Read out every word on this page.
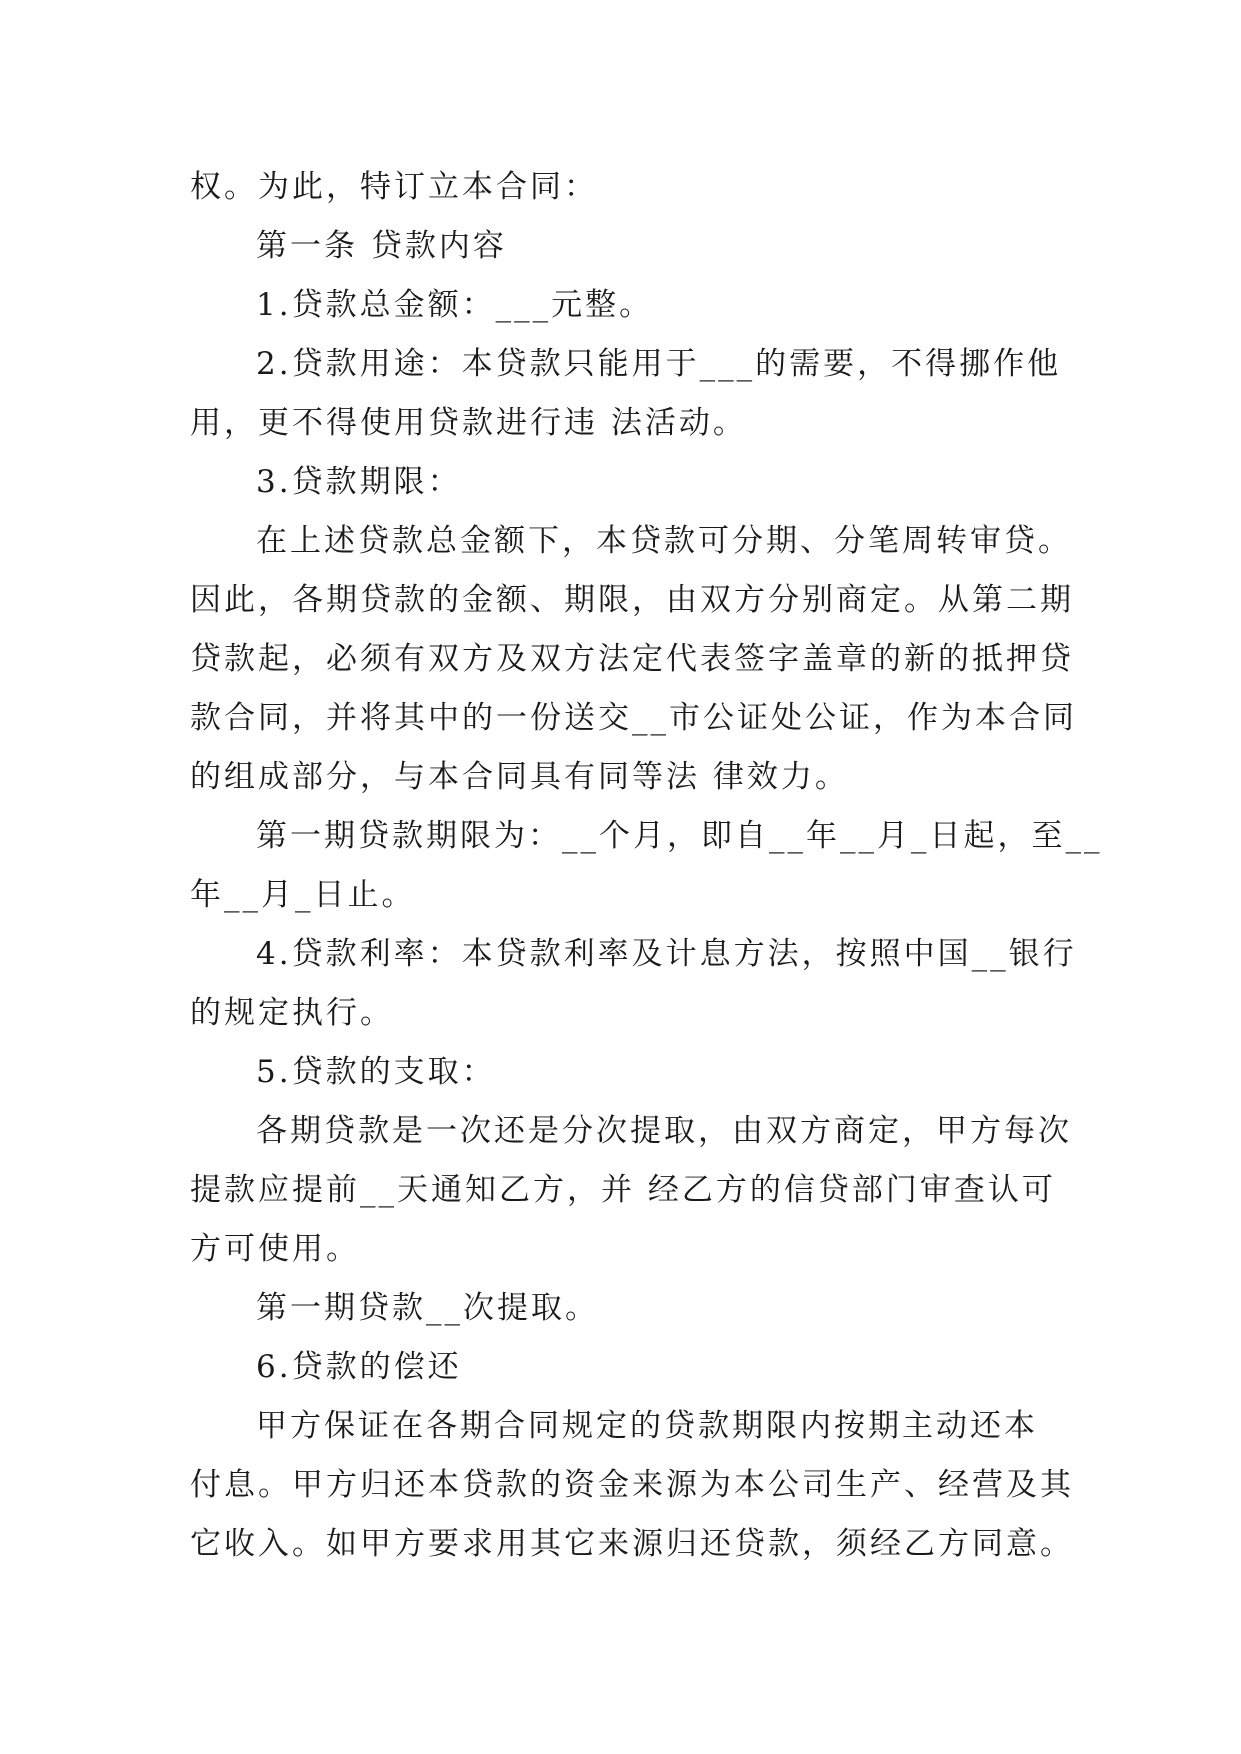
权。为此，特订立本合同：
第一条 贷款内容
1.贷款总金额：___元整。
2.贷款用途：本贷款只能用于___的需要，不得挪作他
用，更不得使用贷款进行违 法活动。
3.贷款期限：
在上述贷款总金额下，本贷款可分期、分笔周转审贷。
因此，各期贷款的金额、期限，由双方分别商定。从第二期
贷款起，必须有双方及双方法定代表签字盖章的新的抵押贷
款合同，并将其中的一份送交__市公证处公证，作为本合同
的组成部分，与本合同具有同等法 律效力。
第一期贷款期限为：__个月，即自__年__月_日起，至__
年__月_日止。
4.贷款利率：本贷款利率及计息方法，按照中国__银行
的规定执行。
5.贷款的支取：
各期贷款是一次还是分次提取，由双方商定，甲方每次
提款应提前__天通知乙方，并 经乙方的信贷部门审查认可
方可使用。
第一期贷款__次提取。
6.贷款的偿还
甲方保证在各期合同规定的贷款期限内按期主动还本
付息。甲方归还本贷款的资金来源为本公司生产、经营及其
它收入。如甲方要求用其它来源归还贷款，须经乙方同意。
